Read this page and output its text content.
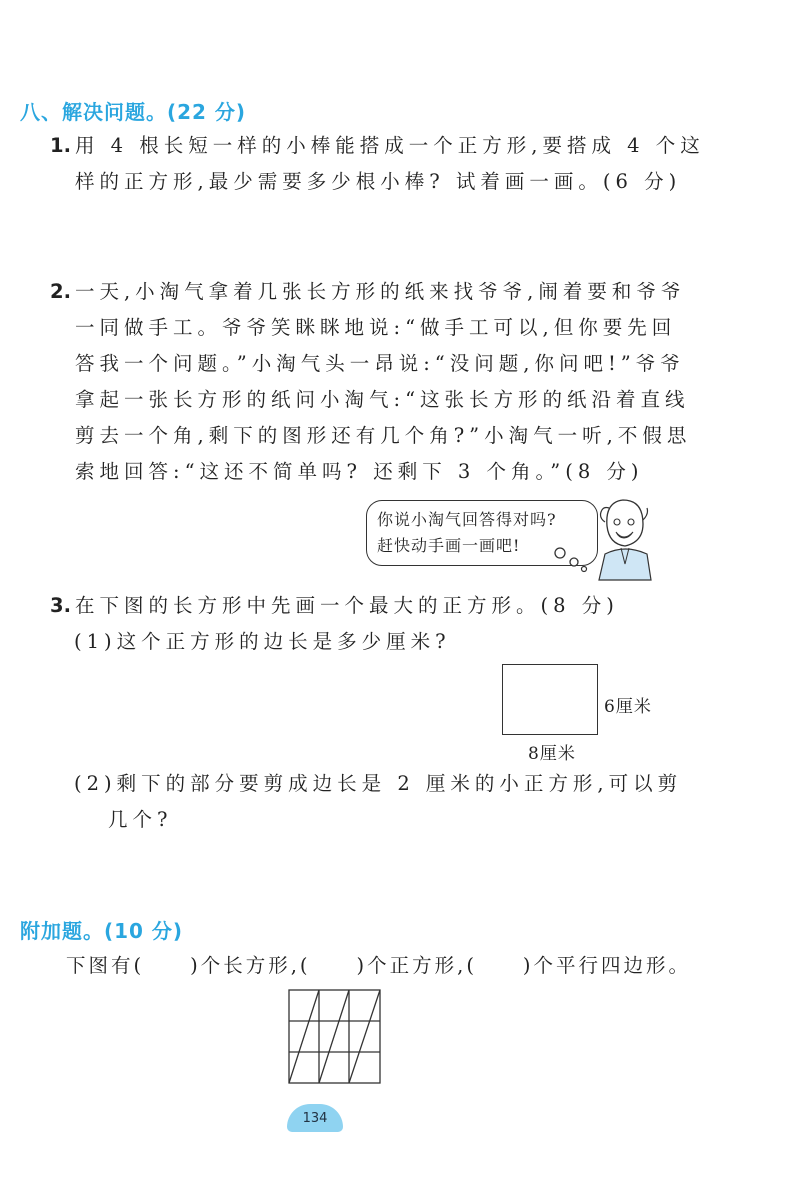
八、解决问题。(22 分)
1. 用 4 根长短一样的小棒能搭成一个正方形,要搭成 4 个这
样的正方形,最少需要多少根小棒? 试着画一画。(6 分)
2. 一天,小淘气拿着几张长方形的纸来找爷爷,闹着要和爷爷
一同做手工。爷爷笑眯眯地说:“做手工可以,但你要先回
答我一个问题。”小淘气头一昂说:“没问题,你问吧!”爷爷
拿起一张长方形的纸问小淘气:“这张长方形的纸沿着直线
剪去一个角,剩下的图形还有几个角?”小淘气一听,不假思
索地回答:“这还不简单吗? 还剩下 3 个角。”(8 分)
你说小淘气回答得对吗?
赶快动手画一画吧!
3. 在下图的长方形中先画一个最大的正方形。(8 分)
(1)这个正方形的边长是多少厘米?
6厘米
8厘米
(2)剩下的部分要剪成边长是 2 厘米的小正方形,可以剪
几个?
附加题。(10 分)
下图有(     )个长方形,(     )个正方形,(     )个平行四边形。
134
